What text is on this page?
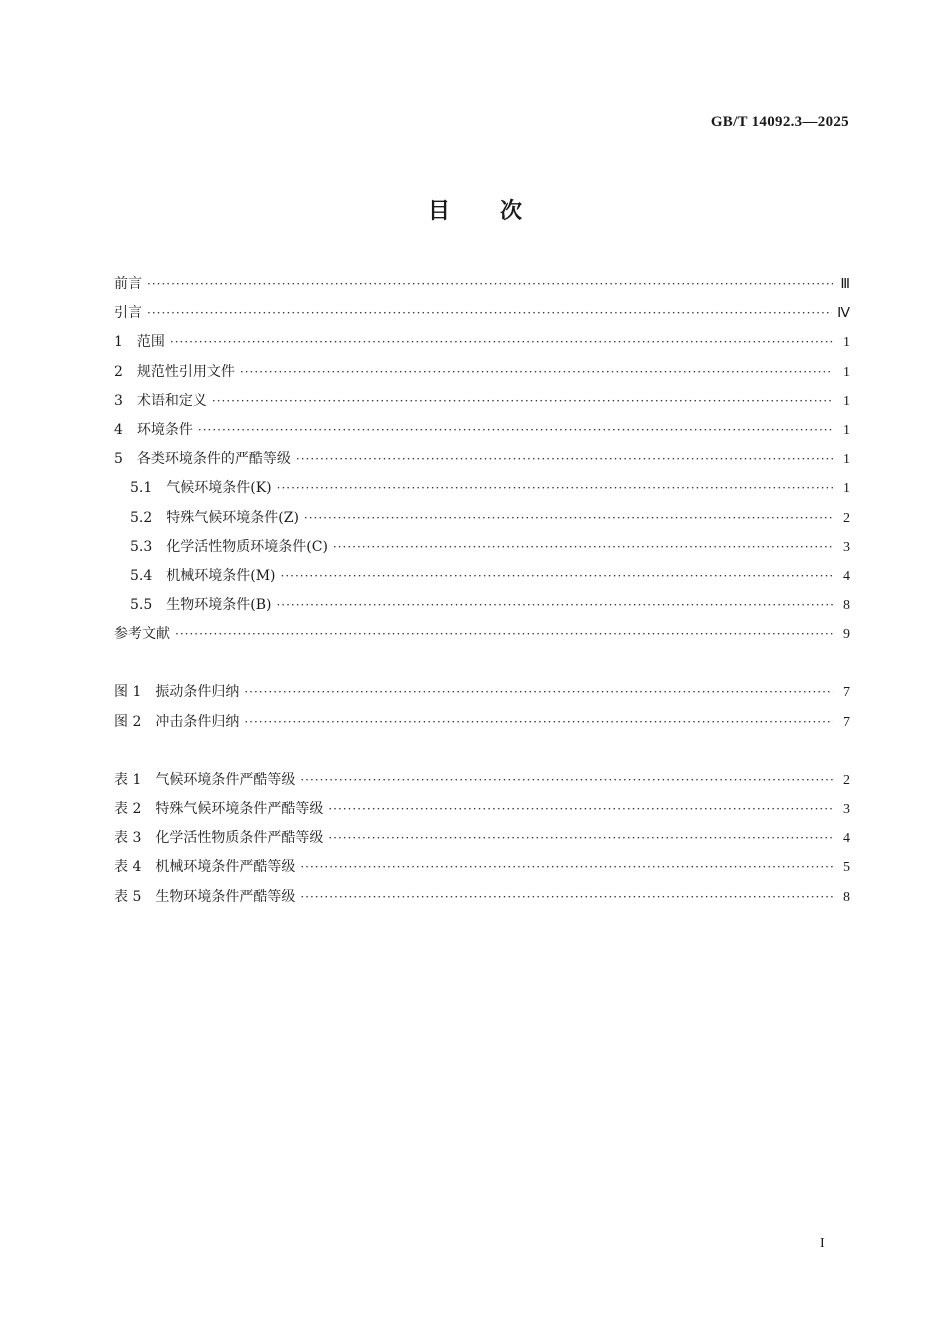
GB/T 14092.3—2025
目次
前言 ·····	Ⅲ
引言 ·····	Ⅳ
1 范围 ·····	1
2 规范性引用文件 ·····	1
3 术语和定义 ·····	1
4 环境条件 ·····	1
5 各类环境条件的严酷等级 ·····	1
5.1 气候环境条件(K) ·····	1
5.2 特殊气候环境条件(Z) ·····	2
5.3 化学活性物质环境条件(C) ·····	3
5.4 机械环境条件(M) ·····	4
5.5 生物环境条件(B) ·····	8
参考文献 ·····	9
图 1 振动条件归纳 ·····	7
图 2 冲击条件归纳 ·····	7
表 1 气候环境条件严酷等级 ·····	2
表 2 特殊气候环境条件严酷等级 ·····	3
表 3 化学活性物质条件严酷等级 ·····	4
表 4 机械环境条件严酷等级 ·····	5
表 5 生物环境条件严酷等级 ·····	8
I
